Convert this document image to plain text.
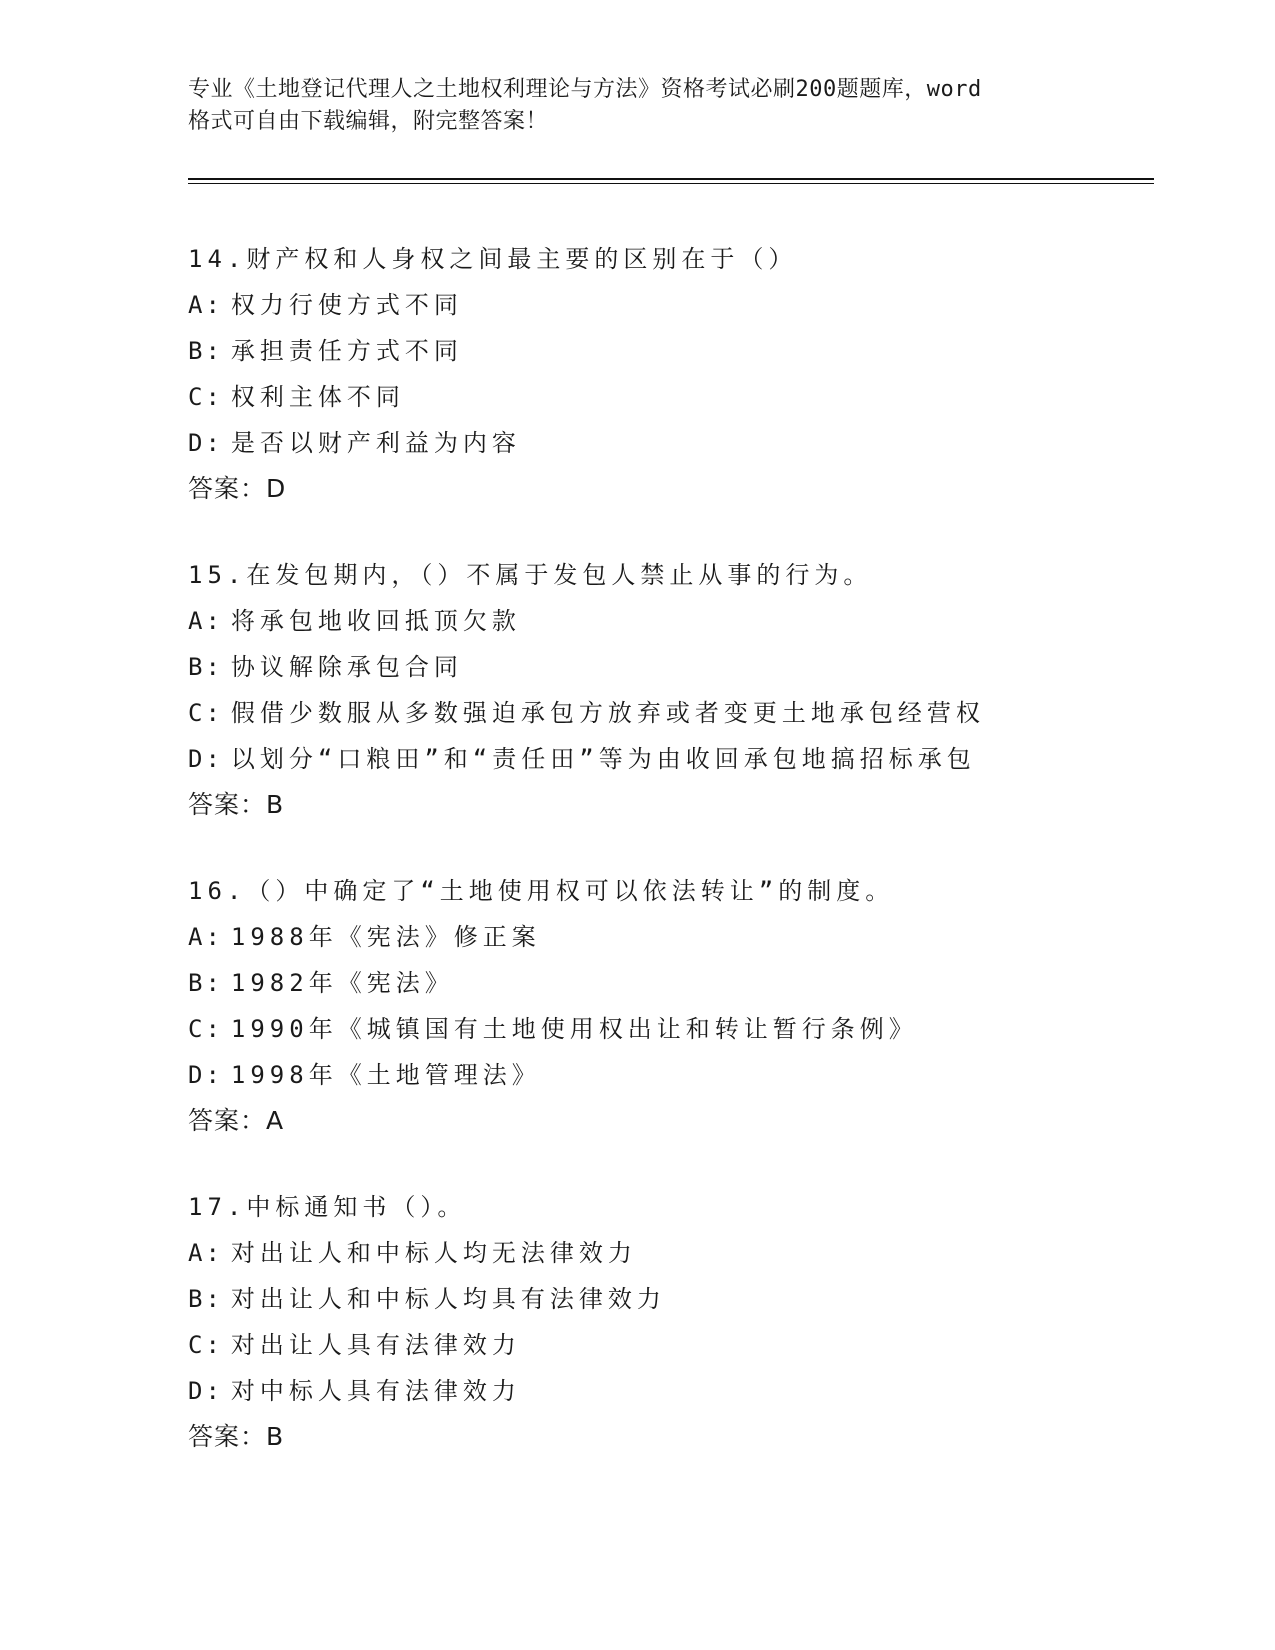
专业《土地登记代理人之土地权利理论与方法》资格考试必刷200题题库，word
格式可自由下载编辑，附完整答案！
14.财产权和人身权之间最主要的区别在于（）
A: 权力行使方式不同
B: 承担责任方式不同
C: 权利主体不同
D: 是否以财产利益为内容
答案：D
15.在发包期内，（）不属于发包人禁止从事的行为。
A: 将承包地收回抵顶欠款
B: 协议解除承包合同
C: 假借少数服从多数强迫承包方放弃或者变更土地承包经营权
D: 以划分“口粮田”和“责任田”等为由收回承包地搞招标承包
答案：B
16.（）中确定了“土地使用权可以依法转让”的制度。
A: 1988年《宪法》修正案
B: 1982年《宪法》
C: 1990年《城镇国有土地使用权出让和转让暂行条例》
D: 1998年《土地管理法》
答案：A
17.中标通知书（）。
A: 对出让人和中标人均无法律效力
B: 对出让人和中标人均具有法律效力
C: 对出让人具有法律效力
D: 对中标人具有法律效力
答案：B
